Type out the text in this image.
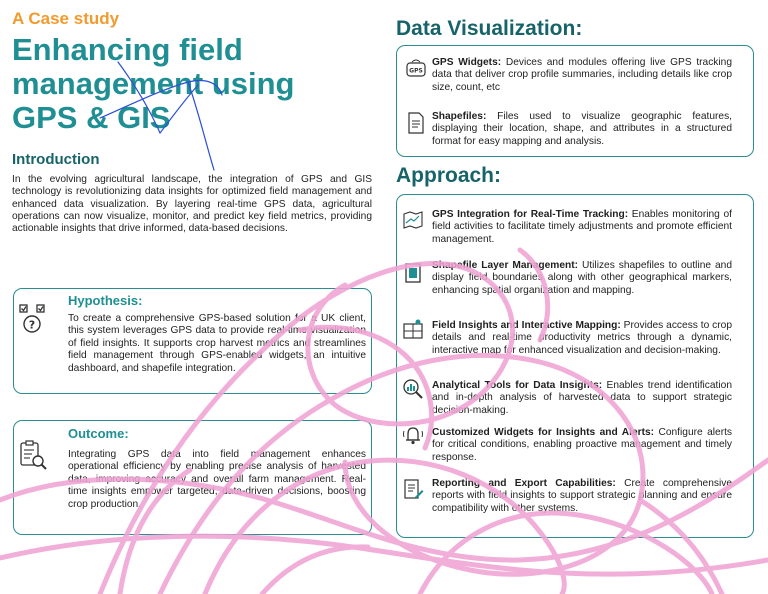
A Case study
Enhancing field management using GPS & GIS
Introduction
In the evolving agricultural landscape, the integration of GPS and GIS technology is revolutionizing data insights for optimized field management and enhanced data visualization. By layering real-time GPS data, agricultural operations can now visualize, monitor, and predict key field metrics, providing actionable insights that drive informed, data-based decisions.
?
Hypothesis:
To create a comprehensive GPS-based solution for a UK client, this system leverages GPS data to provide real-time visualization of field insights. It supports crop harvest metrics and streamlines field management through GPS-enabled widgets, an intuitive dashboard, and shapefile integration.
Outcome:
Integrating GPS data into field management enhances operational efficiency by enabling precise analysis of harvested data, improving accuracy and overall farm management. Real-time insights empower targeted, data-driven decisions, boosting crop production.
Data Visualization:
GPS
GPS Widgets: Devices and modules offering live GPS tracking data that deliver crop profile summaries, including details like crop size, count, etc
Shapefiles: Files used to visualize geographic features, displaying their location, shape, and attributes in a structured format for easy mapping and analysis.
Approach:
GPS Integration for Real-Time Tracking: Enables monitoring of field activities to facilitate timely adjustments and promote efficient management.
Shapefile Layer Management: Utilizes shapefiles to outline and display field boundaries along with other geographical markers, enhancing spatial organization and mapping.
Field Insights and Interactive Mapping: Provides access to crop details and real-time productivity metrics through a dynamic, interactive map for enhanced visualization and decision-making.
Analytical Tools for Data Insights: Enables trend identification and in-depth analysis of harvested data to support strategic decision-making.
Customized Widgets for Insights and Alerts: Configure alerts for critical conditions, enabling proactive management and timely response.
Reporting and Export Capabilities: Create comprehensive reports with field insights to support strategic planning and ensure compatibility with other systems.
